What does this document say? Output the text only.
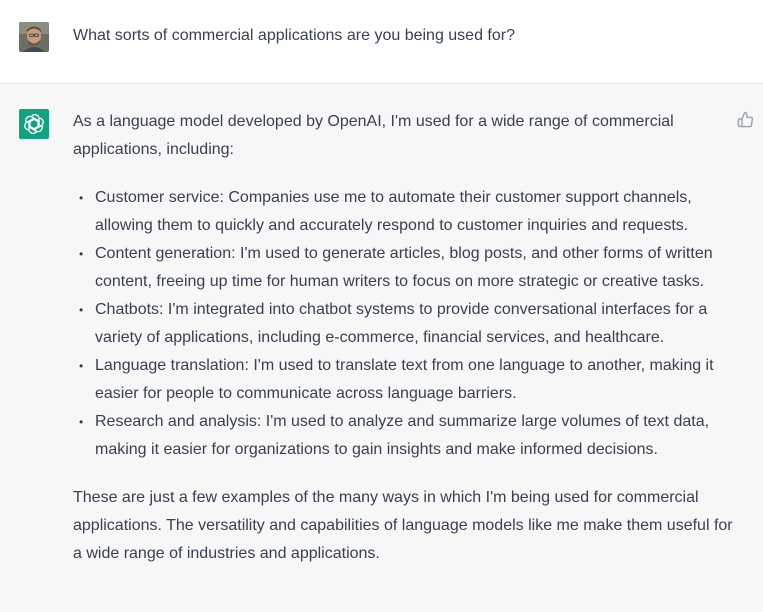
What sorts of commercial applications are you being used for?

As a language model developed by OpenAI, I'm used for a wide range of commercial applications, including:

• Customer service: Companies use me to automate their customer support channels, allowing them to quickly and accurately respond to customer inquiries and requests.
• Content generation: I'm used to generate articles, blog posts, and other forms of written content, freeing up time for human writers to focus on more strategic or creative tasks.
• Chatbots: I'm integrated into chatbot systems to provide conversational interfaces for a variety of applications, including e-commerce, financial services, and healthcare.
• Language translation: I'm used to translate text from one language to another, making it easier for people to communicate across language barriers.
• Research and analysis: I'm used to analyze and summarize large volumes of text data, making it easier for organizations to gain insights and make informed decisions.

These are just a few examples of the many ways in which I'm being used for commercial applications. The versatility and capabilities of language models like me make them useful for a wide range of industries and applications.
